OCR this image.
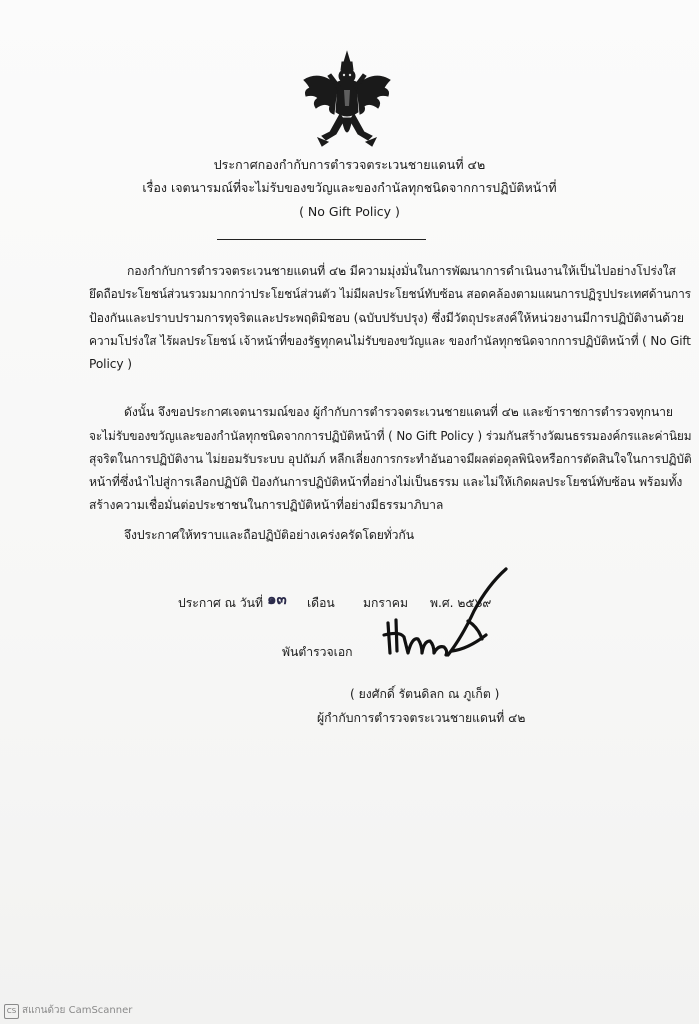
ประกาศกองกำกับการตำรวจตระเวนชายแดนที่ ๔๒
เรื่อง เจตนารมณ์ที่จะไม่รับของขวัญและของกำนัลทุกชนิดจากการปฏิบัติหน้าที่
( No Gift Policy )
กองกำกับการตำรวจตระเวนชายแดนที่ ๔๒ มีความมุ่งมั่นในการพัฒนาการดำเนินงานให้เป็นไปอย่างโปร่งใส
ยึดถือประโยชน์ส่วนรวมมากกว่าประโยชน์ส่วนตัว ไม่มีผลประโยชน์ทับซ้อน สอดคล้องตามแผนการปฏิรูปประเทศด้านการ
ป้องกันและปราบปรามการทุจริตและประพฤติมิชอบ (ฉบับปรับปรุง) ซึ่งมีวัตถุประสงค์ให้หน่วยงานมีการปฏิบัติงานด้วย
ความโปร่งใส ไร้ผลประโยชน์ เจ้าหน้าที่ของรัฐทุกคนไม่รับของขวัญและ ของกำนัลทุกชนิดจากการปฏิบัติหน้าที่ ( No Gift
Policy )
ดังนั้น จึงขอประกาศเจตนารมณ์ของ ผู้กำกับการตำรวจตระเวนชายแดนที่ ๔๒ และข้าราชการตำรวจทุกนาย
จะไม่รับของขวัญและของกำนัลทุกชนิดจากการปฏิบัติหน้าที่ ( No Gift Policy ) ร่วมกันสร้างวัฒนธรรมองค์กรและค่านิยม
สุจริตในการปฏิบัติงาน ไม่ยอมรับระบบ อุปถัมภ์ หลีกเลี่ยงการกระทำอันอาจมีผลต่อดุลพินิจหรือการตัดสินใจในการปฏิบัติ
หน้าที่ซึ่งนำไปสู่การเลือกปฏิบัติ ป้องกันการปฏิบัติหน้าที่อย่างไม่เป็นธรรม และไม่ให้เกิดผลประโยชน์ทับซ้อน พร้อมทั้ง
สร้างความเชื่อมั่นต่อประชาชนในการปฏิบัติหน้าที่อย่างมีธรรมาภิบาล
จึงประกาศให้ทราบและถือปฏิบัติอย่างเคร่งครัดโดยทั่วกัน
ประกาศ ณ วันที่ ๑๓ เดือน มกราคม พ.ศ. ๒๕๖๙
พันตำรวจเอก
( ยงศักดิ์ รัตนดิลก ณ ภูเก็ต )
ผู้กำกับการตำรวจตระเวนชายแดนที่ ๔๒
CS สแกนด้วย CamScanner
